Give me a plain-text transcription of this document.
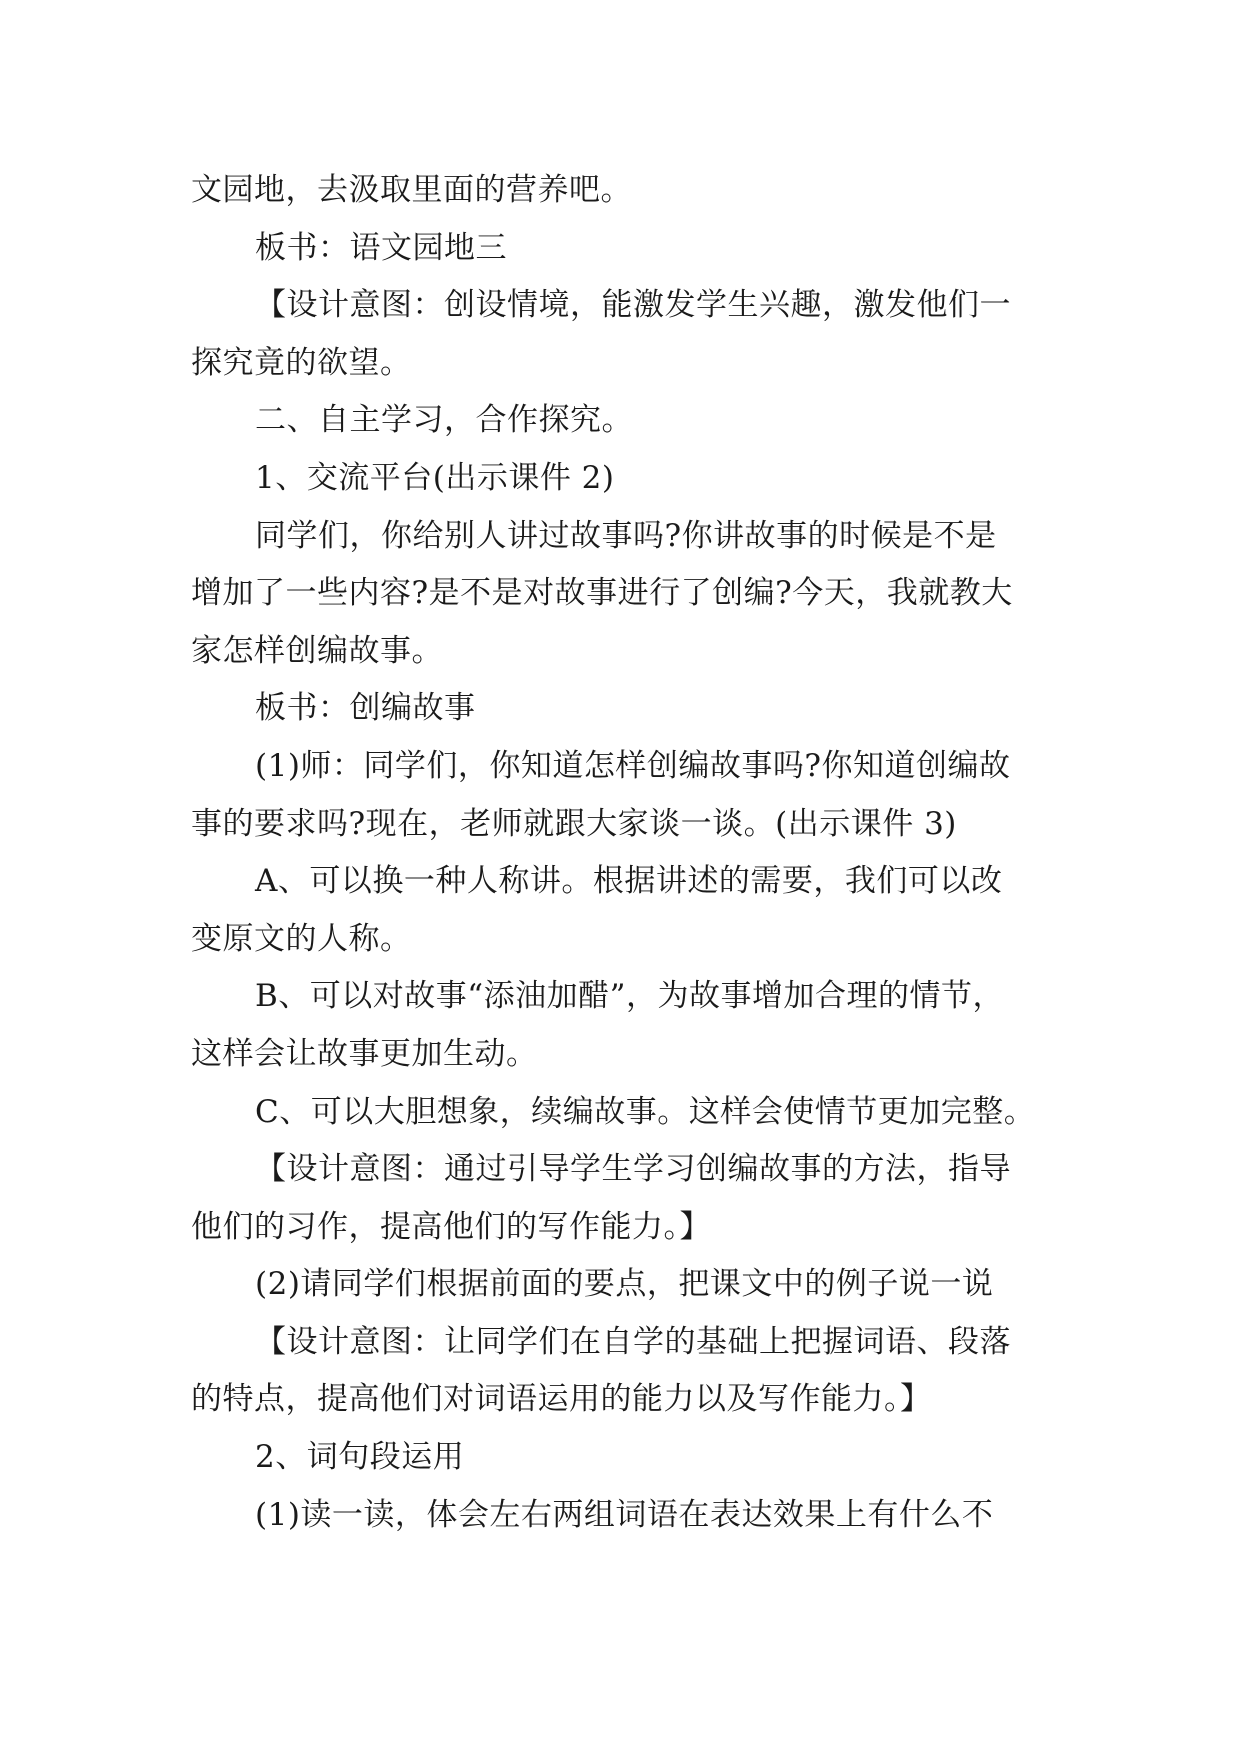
文园地，去汲取里面的营养吧。
板书：语文园地三
【设计意图：创设情境，能激发学生兴趣，激发他们一
探究竟的欲望。
二、自主学习，合作探究。
1、交流平台(出示课件 2)
同学们，你给别人讲过故事吗?你讲故事的时候是不是
增加了一些内容?是不是对故事进行了创编?今天，我就教大
家怎样创编故事。
板书：创编故事
(1)师：同学们，你知道怎样创编故事吗?你知道创编故
事的要求吗?现在，老师就跟大家谈一谈。(出示课件 3)
A、可以换一种人称讲。根据讲述的需要，我们可以改
变原文的人称。
B、可以对故事“添油加醋”，为故事增加合理的情节，
这样会让故事更加生动。
C、可以大胆想象，续编故事。这样会使情节更加完整。
【设计意图：通过引导学生学习创编故事的方法，指导
他们的习作，提高他们的写作能力。】
(2)请同学们根据前面的要点，把课文中的例子说一说
【设计意图：让同学们在自学的基础上把握词语、段落
的特点，提高他们对词语运用的能力以及写作能力。】
2、词句段运用
(1)读一读，体会左右两组词语在表达效果上有什么不
